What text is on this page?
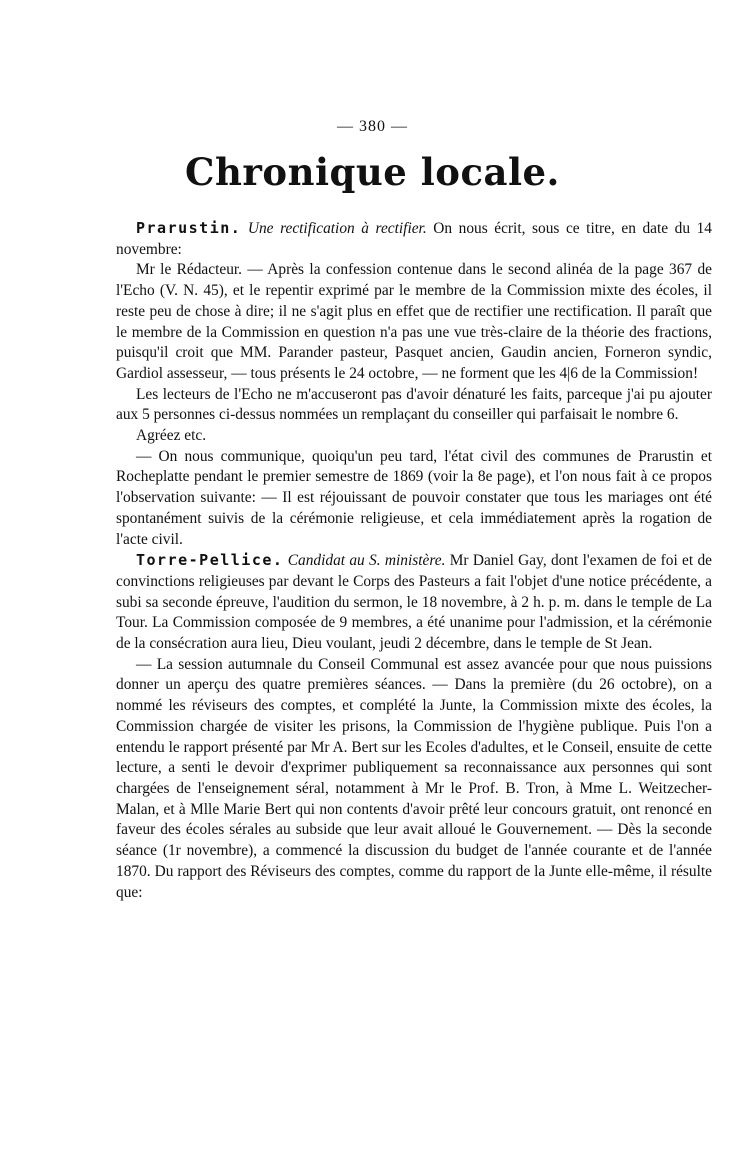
— 380 —
Chronique locale.

Prarustin. Une rectification à rectifier. On nous écrit, sous ce titre, en date du 14 novembre:

Mr le Rédacteur. — Après la confession contenue dans le second alinéa de la page 367 de l'Echo (V. N. 45), et le repentir exprimé par le membre de la Commission mixte des écoles, il reste peu de chose à dire; il ne s'agit plus en effet que de rectifier une rectification. Il paraît que le membre de la Commission en question n'a pas une vue très-claire de la théorie des fractions, puisqu'il croit que MM. Parander pasteur, Pasquet ancien, Gaudin ancien, Forneron syndic, Gardiol assesseur, — tous présents le 24 octobre, — ne forment que les 4|6 de la Commission!

Les lecteurs de l'Echo ne m'accuseront pas d'avoir dénaturé les faits, parceque j'ai pu ajouter aux 5 personnes ci-dessus nommées un remplaçant du conseiller qui parfaisait le nombre 6.

Agréez etc.

— On nous communique, quoiqu'un peu tard, l'état civil des communes de Prarustin et Rocheplatte pendant le premier semestre de 1869 (voir la 8e page), et l'on nous fait à ce propos l'observation suivante: — Il est réjouissant de pouvoir constater que tous les mariages ont été spontanément suivis de la cérémonie religieuse, et cela immédiatement après la rogation de l'acte civil.

Torre-Pellice. Candidat au S. ministère. Mr Daniel Gay, dont l'examen de foi et de convinctions religieuses par devant le Corps des Pasteurs a fait l'objet d'une notice précédente, a subi sa seconde épreuve, l'audition du sermon, le 18 novembre, à 2 h. p. m. dans le temple de La Tour. La Commission composée de 9 membres, a été unanime pour l'admission, et la cérémonie de la consécration aura lieu, Dieu voulant, jeudi 2 décembre, dans le temple de St Jean.

— La session autumnale du Conseil Communal est assez avancée pour que nous puissions donner un aperçu des quatre premières séances. — Dans la première (du 26 octobre), on a nommé les réviseurs des comptes, et complété la Junte, la Commission mixte des écoles, la Commission chargée de visiter les prisons, la Commission de l'hygiène publique. Puis l'on a entendu le rapport présenté par Mr A. Bert sur les Ecoles d'adultes, et le Conseil, ensuite de cette lecture, a senti le devoir d'exprimer publiquement sa reconnaissance aux personnes qui sont chargées de l'enseignement séral, notamment à Mr le Prof. B. Tron, à Mme L. Weitzecher-Malan, et à Mlle Marie Bert qui non contents d'avoir prêté leur concours gratuit, ont renoncé en faveur des écoles sérales au subside que leur avait alloué le Gouvernement. — Dès la seconde séance (1r novembre), a commencé la discussion du budget de l'année courante et de l'année 1870. Du rapport des Réviseurs des comptes, comme du rapport de la Junte elle-même, il résulte que:
